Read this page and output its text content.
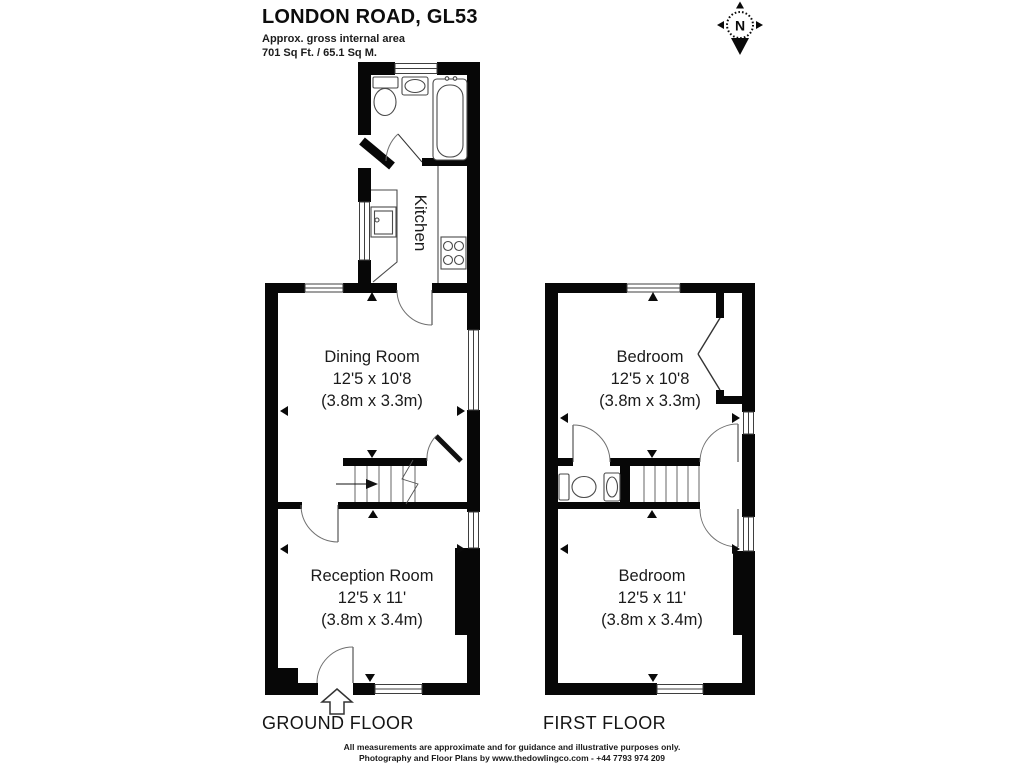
N
LONDON ROAD, GL53
Approx. gross internal area
701 Sq Ft. / 65.1 Sq M.
Kitchen
Dining Room
12'5 x 10'8
(3.8m x 3.3m)
Reception Room
12'5 x 11'
(3.8m x 3.4m)
Bedroom
12'5 x 10'8
(3.8m x 3.3m)
Bedroom
12'5 x 11'
(3.8m x 3.4m)
GROUND FLOOR	FIRST FLOOR
All measurements are approximate and for guidance and illustrative purposes only.
Photography and Floor Plans by www.thedowlingco.com - +44 7793 974 209
